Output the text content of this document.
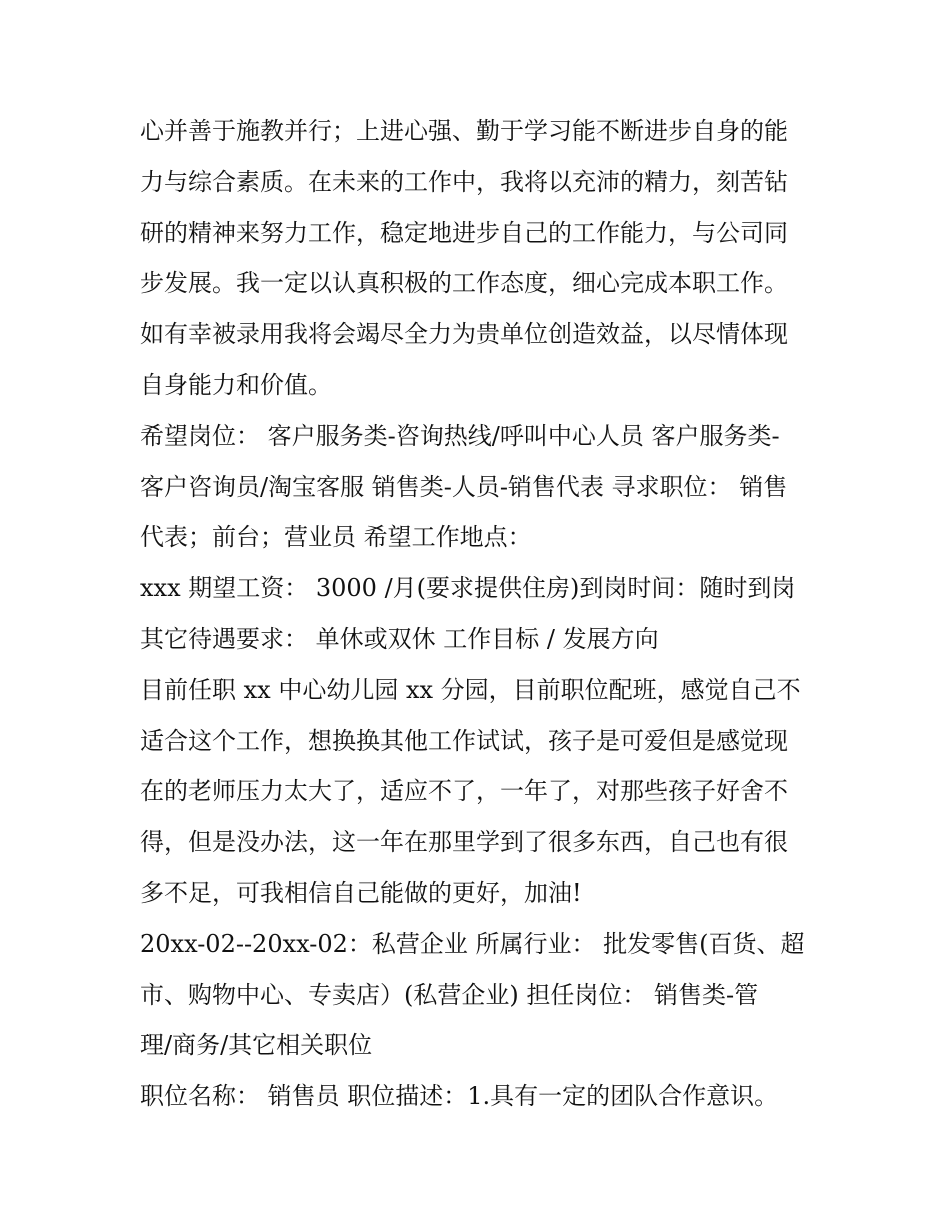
心并善于施教并行；上进心强、勤于学习能不断进步自身的能
力与综合素质。在未来的工作中，我将以充沛的精力，刻苦钻
研的精神来努力工作，稳定地进步自己的工作能力，与公司同
步发展。我一定以认真积极的工作态度，细心完成本职工作。
如有幸被录用我将会竭尽全力为贵单位创造效益，以尽情体现
自身能力和价值。
希望岗位： 客户服务类-咨询热线/呼叫中心人员 客户服务类-
客户咨询员/淘宝客服 销售类-人员-销售代表 寻求职位： 销售
代表；前台；营业员 希望工作地点：
xxx 期望工资： 3000 /月(要求提供住房)到岗时间：随时到岗
其它待遇要求： 单休或双休 工作目标 / 发展方向
目前任职 xx 中心幼儿园 xx 分园，目前职位配班，感觉自己不
适合这个工作，想换换其他工作试试，孩子是可爱但是感觉现
在的老师压力太大了，适应不了，一年了，对那些孩子好舍不
得，但是没办法，这一年在那里学到了很多东西，自己也有很
多不足，可我相信自己能做的更好，加油!
20xx-02--20xx-02：私营企业 所属行业： 批发零售(百货、超
市、购物中心、专卖店）(私营企业) 担任岗位： 销售类-管
理/商务/其它相关职位
职位名称： 销售员 职位描述：1.具有一定的团队合作意识。
